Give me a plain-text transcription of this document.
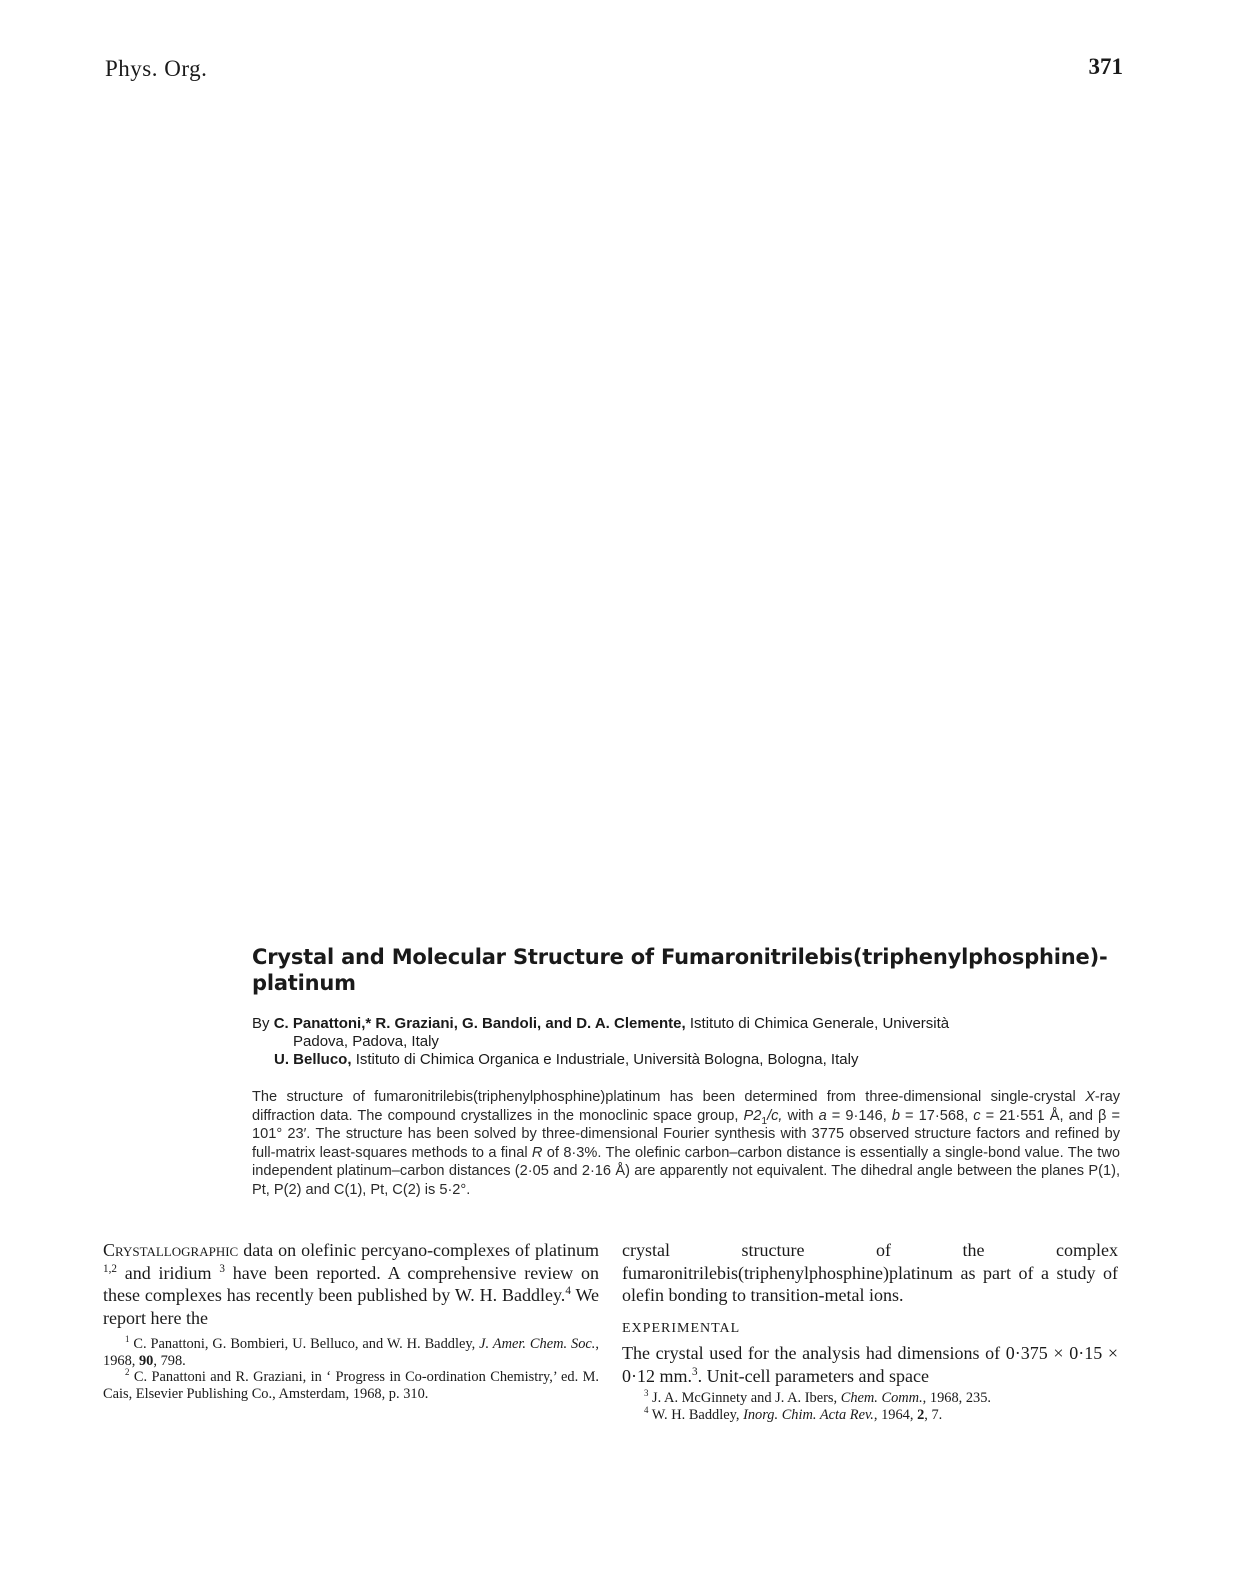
Phys. Org.	371
Crystal and Molecular Structure of Fumaronitrilebis(triphenylphosphine)-platinum
By C. Panattoni,* R. Graziani, G. Bandoli, and D. A. Clemente, Istituto di Chimica Generale, Università
Padova, Padova, Italy
U. Belluco, Istituto di Chimica Organica e Industriale, Università Bologna, Bologna, Italy
The structure of fumaronitrilebis(triphenylphosphine)platinum has been determined from three-dimensional single-crystal X-ray diffraction data. The compound crystallizes in the monoclinic space group, $P2_1/c$, with a = 9·146, b = 17·568, c = 21·551 Å, and β = 101° 23′. The structure has been solved by three-dimensional Fourier synthesis with 3775 observed structure factors and refined by full-matrix least-squares methods to a final R of 8·3%. The olefinic carbon–carbon distance is essentially a single-bond value. The two independent platinum–carbon distances (2·05 and 2·16 Å) are apparently not equivalent. The dihedral angle between the planes P(1), Pt, P(2) and C(1), Pt, C(2) is 5·2°.
Crystallographic data on olefinic percyano-complexes of platinum $^{1,2}$ and iridium $^3$ have been reported. A comprehensive review on these complexes has recently been published by W. H. Baddley.$^4$ We report here the
$^1$ C. Panattoni, G. Bombieri, U. Belluco, and W. H. Baddley, J. Amer. Chem. Soc., 1968, 90, 798.
$^2$ C. Panattoni and R. Graziani, in ‘ Progress in Co-ordination Chemistry,’ ed. M. Cais, Elsevier Publishing Co., Amsterdam, 1968, p. 310.
crystal structure of the complex fumaronitrilebis(triphenylphosphine)platinum as part of a study of olefin bonding to transition-metal ions.
EXPERIMENTAL
The crystal used for the analysis had dimensions of 0·375 × 0·15 × 0·12 mm.$^3$. Unit-cell parameters and space
$^3$ J. A. McGinnety and J. A. Ibers, Chem. Comm., 1968, 235.
$^4$ W. H. Baddley, Inorg. Chim. Acta Rev., 1964, 2, 7.
